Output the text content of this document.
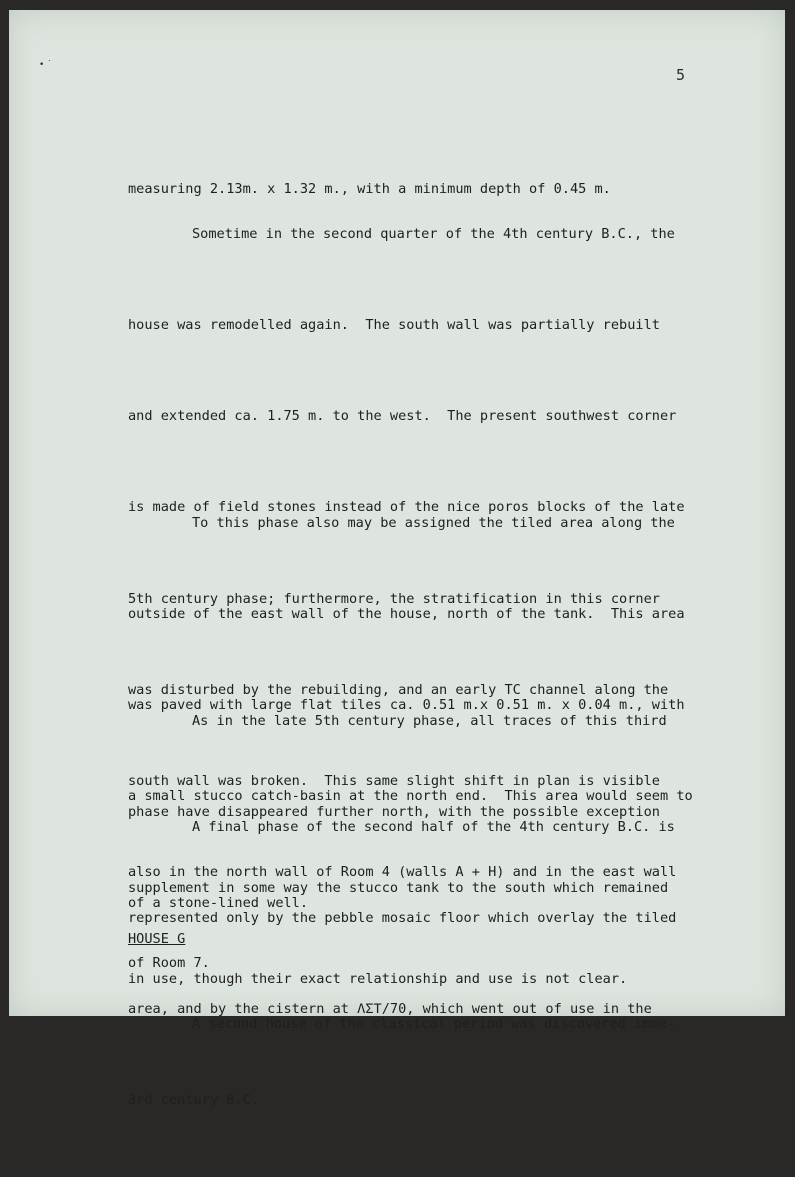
• ˙
5

measuring 2.13m. x 1.32 m., with a minimum depth of 0.45 m.

Sometime in the second quarter of the 4th century B.C., the

house was remodelled again.  The south wall was partially rebuilt

and extended ca. 1.75 m. to the west.  The present southwest corner

is made of field stones instead of the nice poros blocks of the late

5th century phase; furthermore, the stratification in this corner

was disturbed by the rebuilding, and an early TC channel along the

south wall was broken.  This same slight shift in plan is visible

also in the north wall of Room 4 (walls A + H) and in the east wall

of Room 7.

To this phase also may be assigned the tiled area along the

outside of the east wall of the house, north of the tank.  This area

was paved with large flat tiles ca. 0.51 m.x 0.51 m. x 0.04 m., with

a small stucco catch-basin at the north end.  This area would seem to

supplement in some way the stucco tank to the south which remained

in use, though their exact relationship and use is not clear.

As in the late 5th century phase, all traces of this third

phase have disappeared further north, with the possible exception

of a stone-lined well.

A final phase of the second half of the 4th century B.C. is

represented only by the pebble mosaic floor which overlay the tiled

area, and by the cistern at ΛΣΤ/70, which went out of use in the

3rd century B.C.

HOUSE G

A second house of the classical period was discovered imme-
